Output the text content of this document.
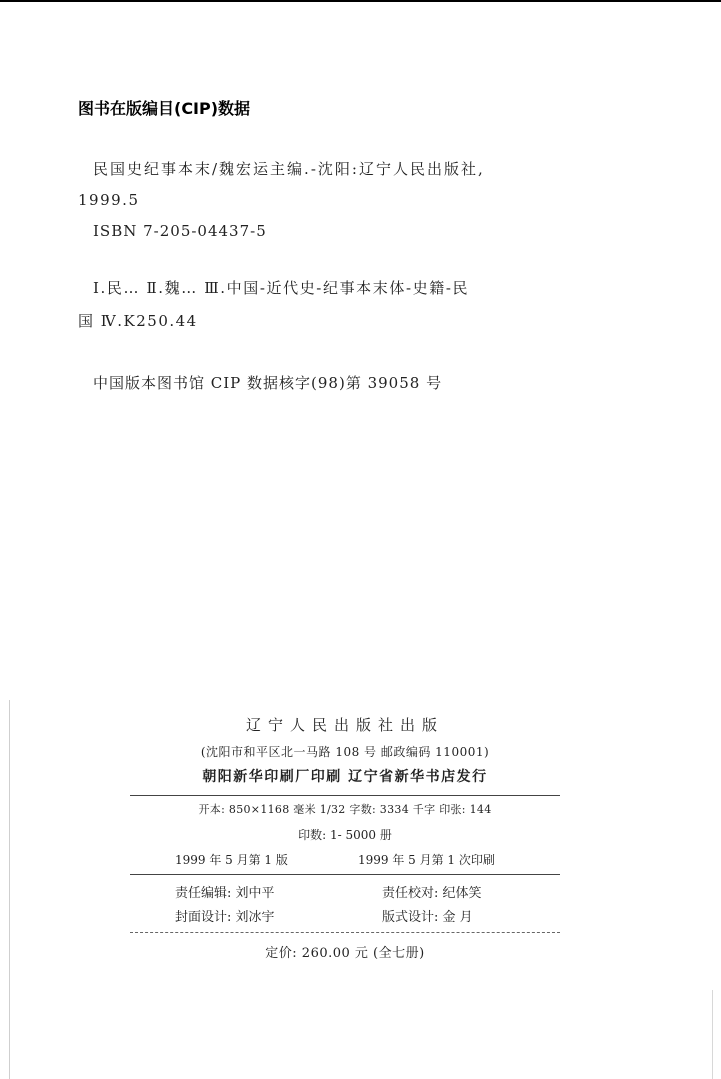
图书在版编目(CIP)数据
民国史纪事本末/魏宏运主编.-沈阳:辽宁人民出版社,
1999.5
ISBN 7-205-04437-5
Ⅰ.民… Ⅱ.魏… Ⅲ.中国-近代史-纪事本末体-史籍-民
国 Ⅳ.K250.44
中国版本图书馆 CIP 数据核字(98)第 39058 号
辽宁人民出版社出版
(沈阳市和平区北一马路 108 号 邮政编码 110001)
朝阳新华印刷厂印刷 辽宁省新华书店发行
开本: 850×1168 毫米 1/32 字数: 3334 千字 印张: 144
印数: 1- 5000 册
1999 年 5 月第 1 版	1999 年 5 月第 1 次印刷
责任编辑: 刘中平	责任校对: 纪体笑
封面设计: 刘冰宇	版式设计: 金 月
定价: 260.00 元 (全七册)
